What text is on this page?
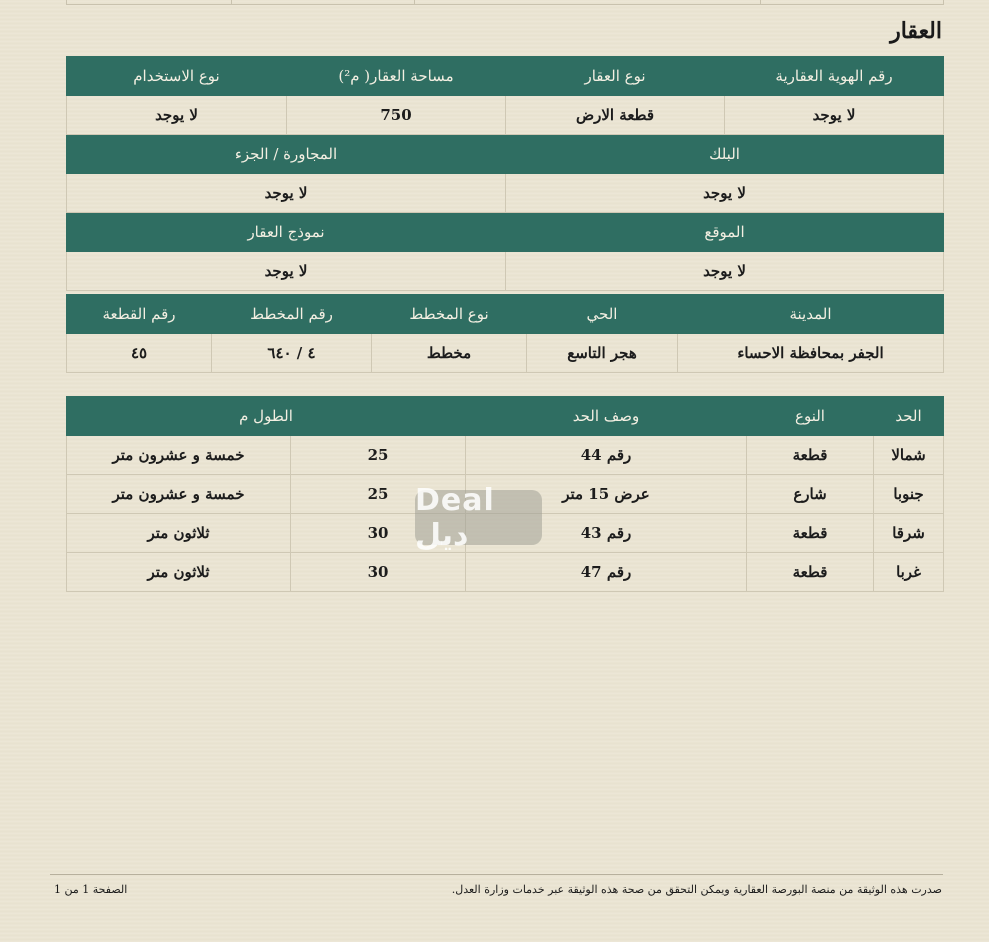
العقار
رقم الهوية العقارية	نوع العقار	مساحة العقار( م²)	نوع الاستخدام
لا يوجد	قطعة الارض	750	لا يوجد
البلك		المجاورة / الجزء	
لا يوجد		لا يوجد	
الموقع		نموذج العقار	
لا يوجد		لا يوجد	
المدينة	الحي	نوع المخطط	رقم المخطط	رقم القطعة
الجفر بمحافظة الاحساء	هجر التاسع	مخطط	٤ / ٦٤٠	٤٥
الحد	النوع	وصف الحد	الطول م	
شمالا	قطعة	رقم 44	25	خمسة و عشرون متر
جنوبا	شارع	عرض 15 متر	25	خمسة و عشرون متر
شرقا	قطعة	رقم 43	30	ثلاثون متر
غربا	قطعة	رقم 47	30	ثلاثون متر
Deal ديل
صدرت هذه الوثيقة من منصة البورصة العقارية ويمكن التحقق من صحة هذه الوثيقة عبر خدمات وزارة العدل.
الصفحة 1 من 1
